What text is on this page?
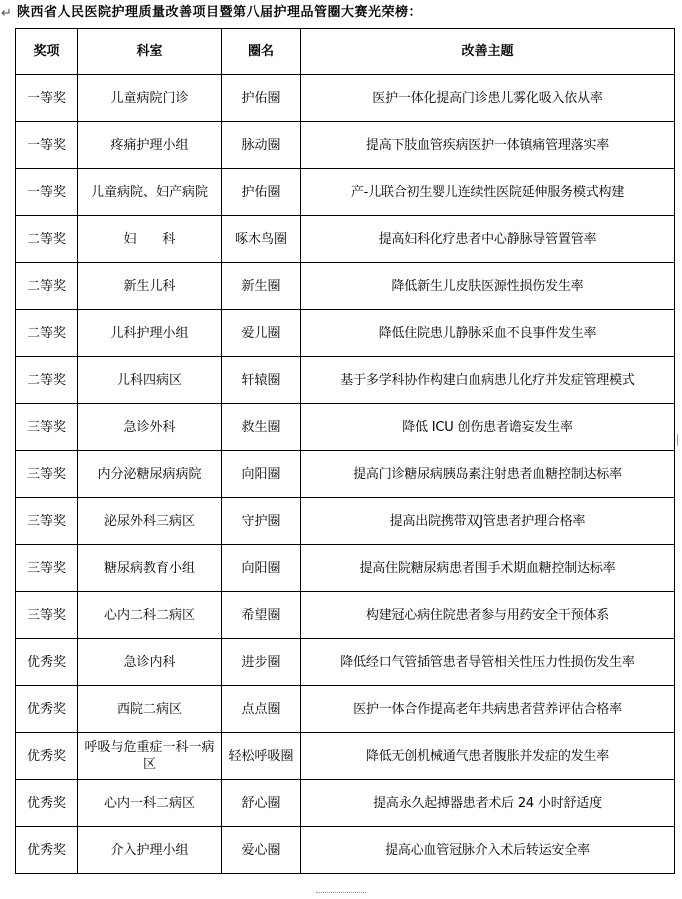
↵ 陕西省人民医院护理质量改善项目暨第八届护理品管圈大赛光荣榜：
奖项	科室	圈名	改善主题
一等奖	儿童病院门诊	护佑圈	医护一体化提高门诊患儿雾化吸入依从率
一等奖	疼痛护理小组	脉动圈	提高下肢血管疾病医护一体镇痛管理落实率
一等奖	儿童病院、妇产病院	护佑圈	产-儿联合初生婴儿连续性医院延伸服务模式构建
二等奖	妇　　科	啄木鸟圈	提高妇科化疗患者中心静脉导管置管率
二等奖	新生儿科	新生圈	降低新生儿皮肤医源性损伤发生率
二等奖	儿科护理小组	爱儿圈	降低住院患儿静脉采血不良事件发生率
二等奖	儿科四病区	轩辕圈	基于多学科协作构建白血病患儿化疗并发症管理模式
三等奖	急诊外科	救生圈	降低 ICU 创伤患者谵妄发生率
三等奖	内分泌糖尿病病院	向阳圈	提高门诊糖尿病胰岛素注射患者血糖控制达标率
三等奖	泌尿外科三病区	守护圈	提高出院携带双J管患者护理合格率
三等奖	糖尿病教育小组	向阳圈	提高住院糖尿病患者围手术期血糖控制达标率
三等奖	心内二科二病区	希望圈	构建冠心病住院患者参与用药安全干预体系
优秀奖	急诊内科	进步圈	降低经口气管插管患者导管相关性压力性损伤发生率
优秀奖	西院二病区	点点圈	医护一体合作提高老年共病患者营养评估合格率
优秀奖	呼吸与危重症一科一病区	轻松呼吸圈	降低无创机械通气患者腹胀并发症的发生率
优秀奖	心内一科二病区	舒心圈	提高永久起搏器患者术后 24 小时舒适度
优秀奖	介入护理小组	爱心圈	提高心血管冠脉介入术后转运安全率
